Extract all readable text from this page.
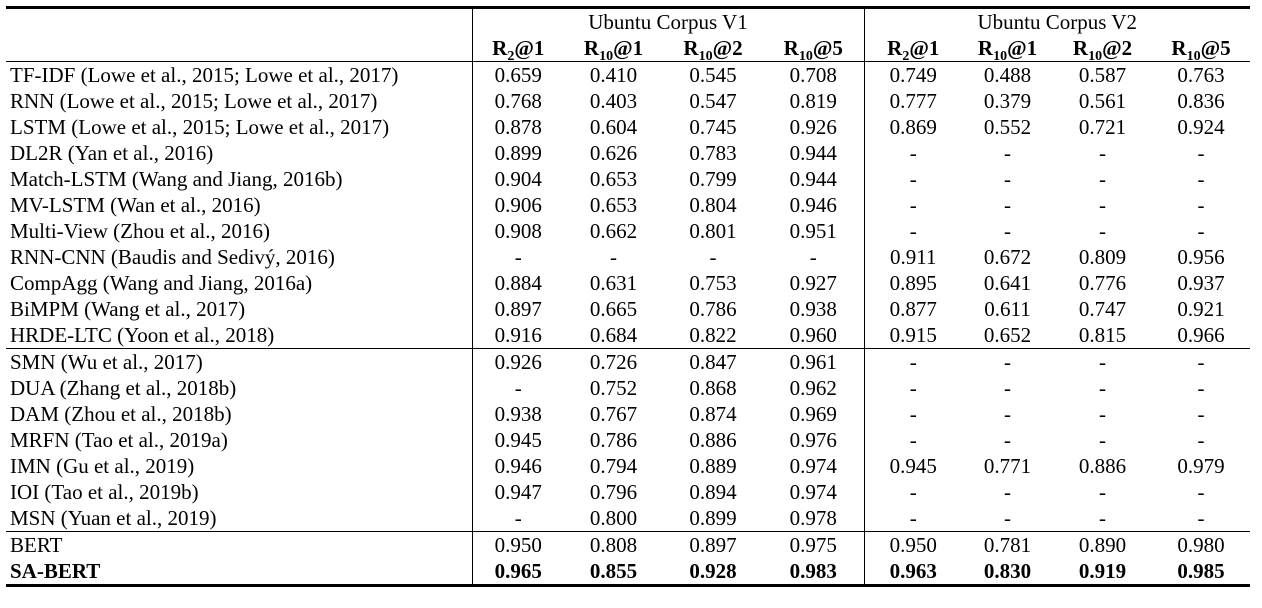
	Ubuntu Corpus V1				Ubuntu Corpus V2			
	$R_2@1$	$R_{10}@1$	$R_{10}@2$	$R_{10}@5$	$R_2@1$	$R_{10}@1$	$R_{10}@2$	$R_{10}@5$
TF-IDF (Lowe et al., 2015; Lowe et al., 2017)	0.659	0.410	0.545	0.708	0.749	0.488	0.587	0.763
RNN (Lowe et al., 2015; Lowe et al., 2017)	0.768	0.403	0.547	0.819	0.777	0.379	0.561	0.836
LSTM (Lowe et al., 2015; Lowe et al., 2017)	0.878	0.604	0.745	0.926	0.869	0.552	0.721	0.924
DL2R (Yan et al., 2016)	0.899	0.626	0.783	0.944	-	-	-	-
Match-LSTM (Wang and Jiang, 2016b)	0.904	0.653	0.799	0.944	-	-	-	-
MV-LSTM (Wan et al., 2016)	0.906	0.653	0.804	0.946	-	-	-	-
Multi-View (Zhou et al., 2016)	0.908	0.662	0.801	0.951	-	-	-	-
RNN-CNN (Baudis and Sedivý, 2016)	-	-	-	-	0.911	0.672	0.809	0.956
CompAgg (Wang and Jiang, 2016a)	0.884	0.631	0.753	0.927	0.895	0.641	0.776	0.937
BiMPM (Wang et al., 2017)	0.897	0.665	0.786	0.938	0.877	0.611	0.747	0.921
HRDE-LTC (Yoon et al., 2018)	0.916	0.684	0.822	0.960	0.915	0.652	0.815	0.966
SMN (Wu et al., 2017)	0.926	0.726	0.847	0.961	-	-	-	-
DUA (Zhang et al., 2018b)	-	0.752	0.868	0.962	-	-	-	-
DAM (Zhou et al., 2018b)	0.938	0.767	0.874	0.969	-	-	-	-
MRFN (Tao et al., 2019a)	0.945	0.786	0.886	0.976	-	-	-	-
IMN (Gu et al., 2019)	0.946	0.794	0.889	0.974	0.945	0.771	0.886	0.979
IOI (Tao et al., 2019b)	0.947	0.796	0.894	0.974	-	-	-	-
MSN (Yuan et al., 2019)	-	0.800	0.899	0.978	-	-	-	-
BERT	0.950	0.808	0.897	0.975	0.950	0.781	0.890	0.980
SA-BERT	0.965	0.855	0.928	0.983	0.963	0.830	0.919	0.985
